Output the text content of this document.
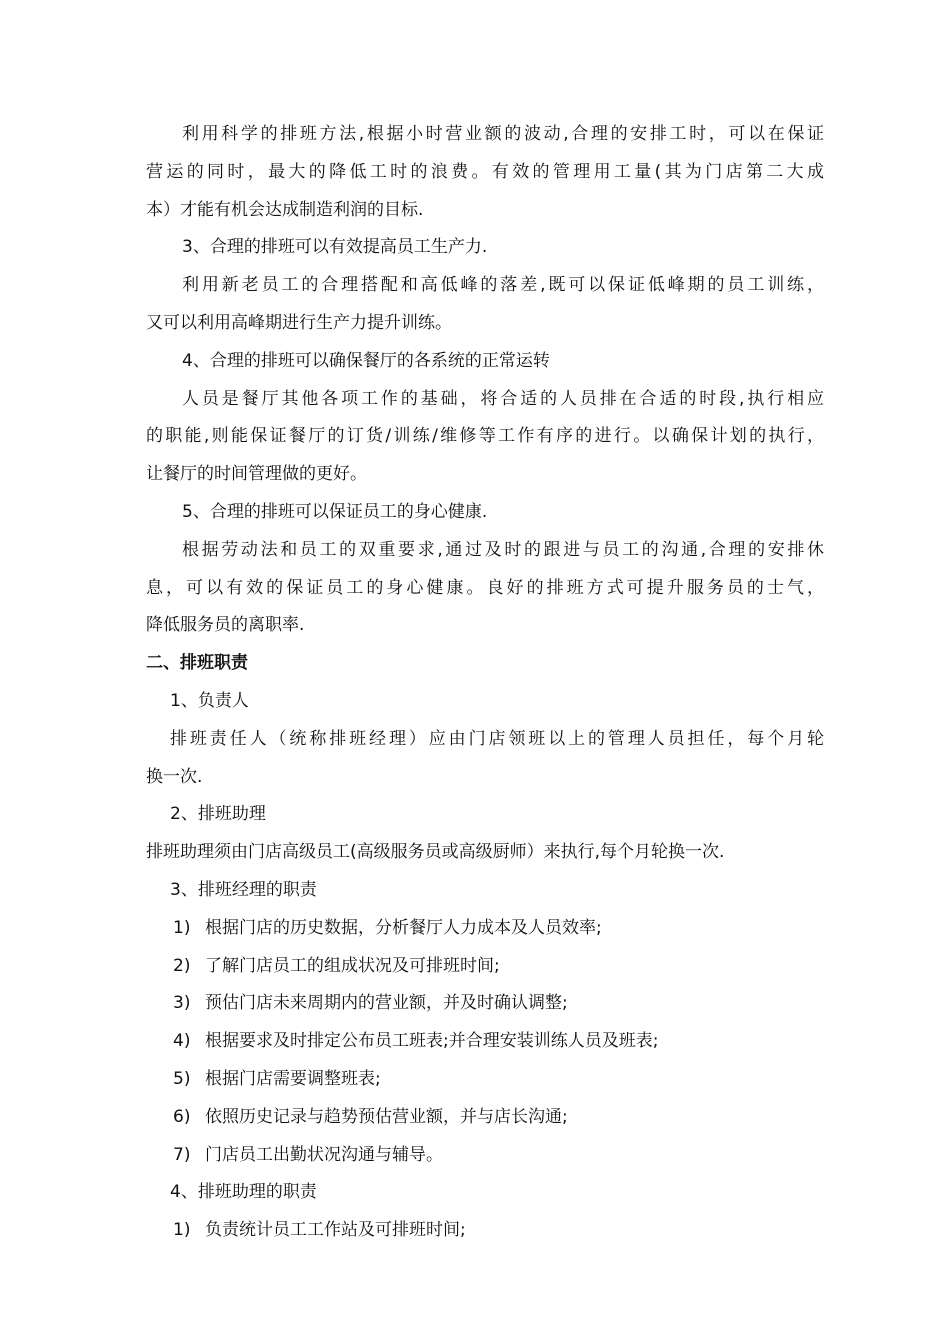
利用科学的排班方法,根据小时营业额的波动,合理的安排工时，可以在保证
营运的同时，最大的降低工时的浪费。有效的管理用工量(其为门店第二大成
本）才能有机会达成制造利润的目标.
3、合理的排班可以有效提高员工生产力.
利用新老员工的合理搭配和高低峰的落差,既可以保证低峰期的员工训练，
又可以利用高峰期进行生产力提升训练。
4、合理的排班可以确保餐厅的各系统的正常运转
人员是餐厅其他各项工作的基础，将合适的人员排在合适的时段,执行相应
的职能,则能保证餐厅的订货/训练/维修等工作有序的进行。以确保计划的执行，
让餐厅的时间管理做的更好。
5、合理的排班可以保证员工的身心健康.
根据劳动法和员工的双重要求,通过及时的跟进与员工的沟通,合理的安排休
息，可以有效的保证员工的身心健康。良好的排班方式可提升服务员的士气，
降低服务员的离职率.
二、排班职责
1、负责人
排班责任人（统称排班经理）应由门店领班以上的管理人员担任，每个月轮
换一次.
2、排班助理
排班助理须由门店高级员工(高级服务员或高级厨师）来执行,每个月轮换一次.
3、排班经理的职责
1) 根据门店的历史数据，分析餐厅人力成本及人员效率;
2) 了解门店员工的组成状况及可排班时间;
3) 预估门店未来周期内的营业额，并及时确认调整;
4) 根据要求及时排定公布员工班表;并合理安装训练人员及班表;
5) 根据门店需要调整班表;
6) 依照历史记录与趋势预估营业额，并与店长沟通;
7) 门店员工出勤状况沟通与辅导。
4、排班助理的职责
1) 负责统计员工工作站及可排班时间;
